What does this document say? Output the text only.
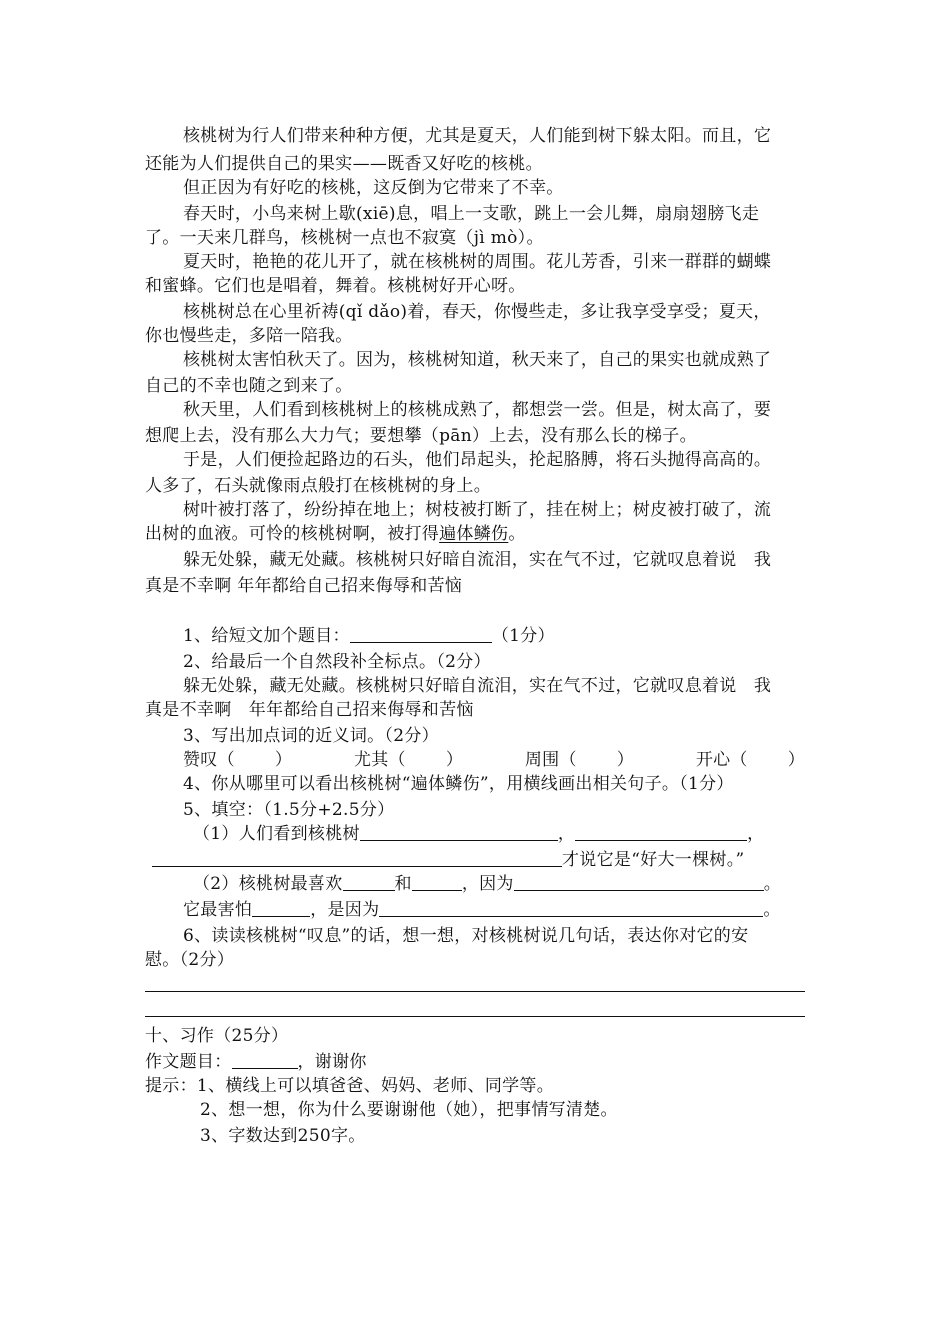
核桃树为行人们带来种种方便，尤其是夏天，人们能到树下躲太阳。而且，它
还能为人们提供自己的果实——既香又好吃的核桃。
但正因为有好吃的核桃，这反倒为它带来了不幸。
春天时，小鸟来树上歇(xiē)息，唱上一支歌，跳上一会儿舞，扇扇翅膀飞走
了。一天来几群鸟，核桃树一点也不寂寞（jì mò）。
夏天时，艳艳的花儿开了，就在核桃树的周围。花儿芳香，引来一群群的蝴蝶
和蜜蜂。它们也是唱着，舞着。核桃树好开心呀。
核桃树总在心里祈祷(qǐ dǎo)着，春天，你慢些走，多让我享受享受；夏天，
你也慢些走，多陪一陪我。
核桃树太害怕秋天了。因为，核桃树知道，秋天来了，自己的果实也就成熟了
自己的不幸也随之到来了。
秋天里，人们看到核桃树上的核桃成熟了，都想尝一尝。但是，树太高了，要
想爬上去，没有那么大力气；要想攀（pān）上去，没有那么长的梯子。
于是，人们便捡起路边的石头，他们昂起头，抡起胳膊，将石头抛得高高的。
人多了，石头就像雨点般打在核桃树的身上。
树叶被打落了，纷纷掉在地上；树枝被打断了，挂在树上；树皮被打破了，流
出树的血液。可怜的核桃树啊，被打得遍体鳞伤。
躲无处躲，藏无处藏。核桃树只好暗自流泪，实在气不过，它就叹息着说　我
真是不幸啊 年年都给自己招来侮辱和苦恼
1、给短文加个题目：	（1分）
2、给最后一个自然段补全标点。（2分）
躲无处躲，藏无处藏。核桃树只好暗自流泪，实在气不过，它就叹息着说　我
真是不幸啊　年年都给自己招来侮辱和苦恼
3、写出加点词的近义词。（2分）
赞叹（ ）	尤其（ ）	周围（ ）	开心（ ）
4、你从哪里可以看出核桃树“遍体鳞伤”，用横线画出相关句子。（1分）
5、填空：（1.5分+2.5分）
（1）人们看到核桃树	，	，
才说它是“好大一棵树。”
（2）核桃树最喜欢	和	，因为	。
它最害怕	，是因为	。
6、读读核桃树“叹息”的话，想一想，对核桃树说几句话，表达你对它的安
慰。（2分）
十、习作（25分）
作文题目：	，谢谢你
提示：1、横线上可以填爸爸、妈妈、老师、同学等。
2、想一想，你为什么要谢谢他（她），把事情写清楚。
3、字数达到250字。
